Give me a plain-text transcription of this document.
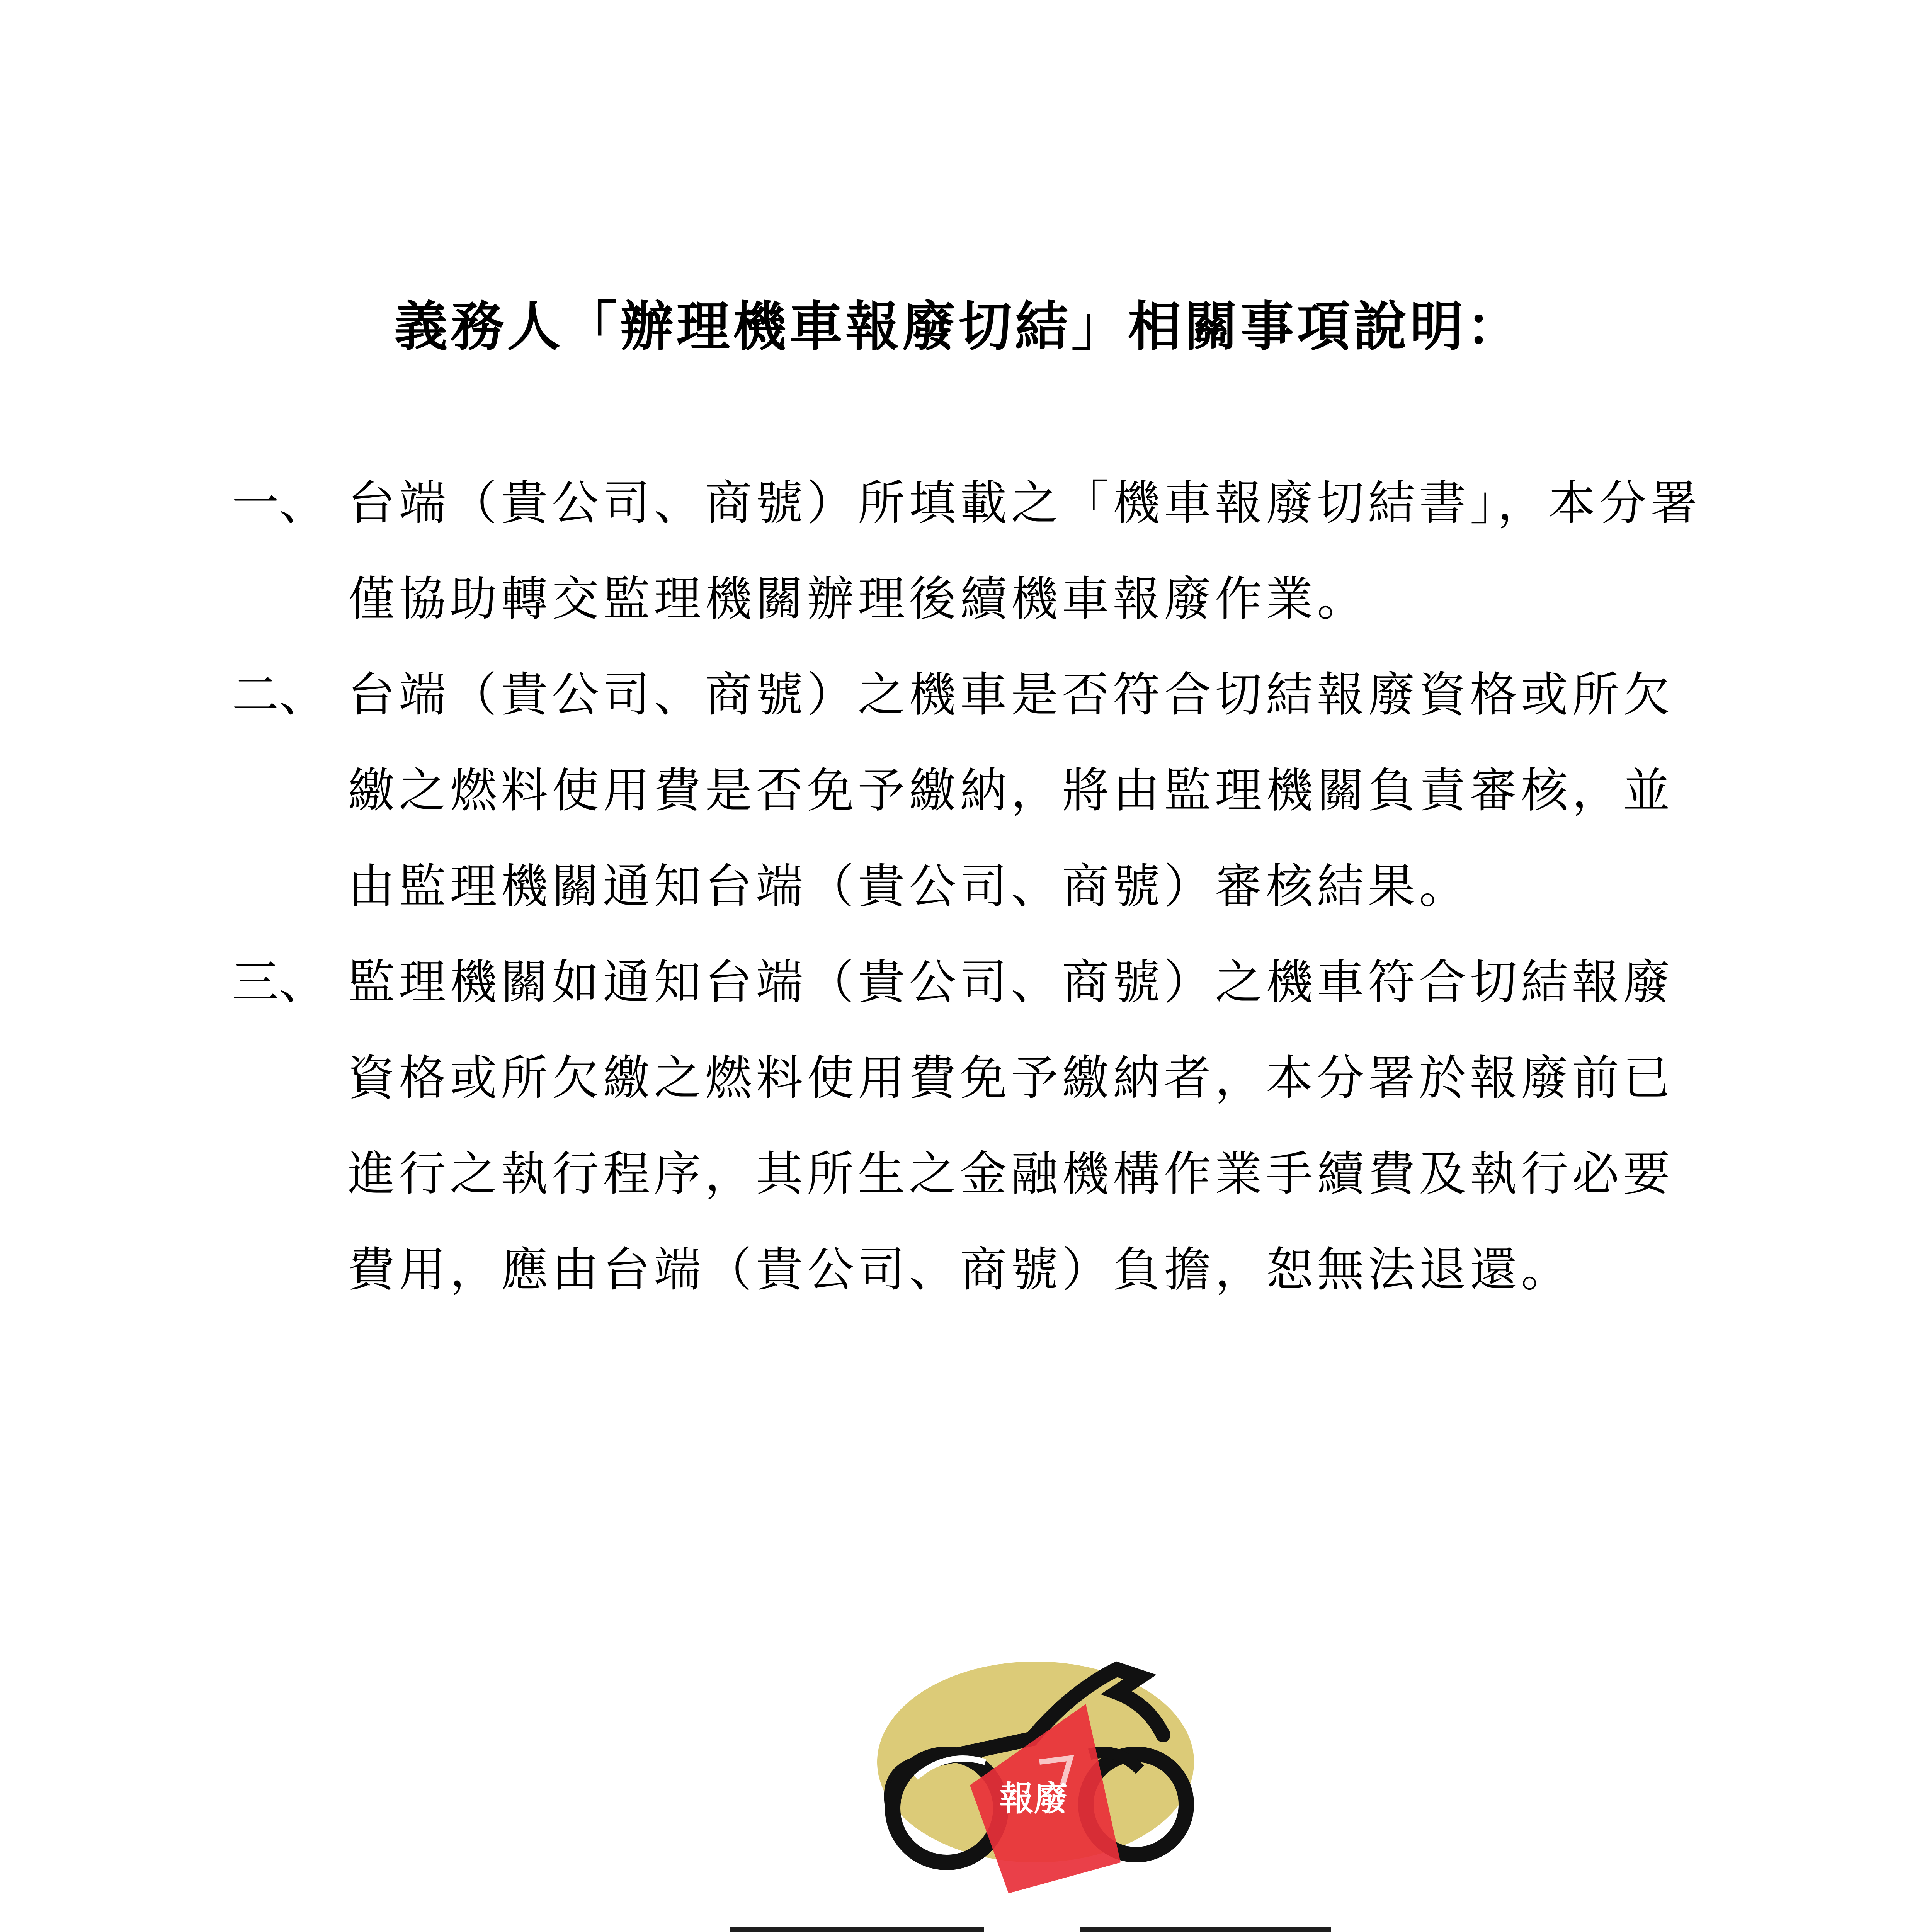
義務人「辦理機車報廢切結」相關事項說明：
一、 台端（貴公司、商號）所填載之「機車報廢切結書」，本分署
僅協助轉交監理機關辦理後續機車報廢作業。
二、 台端（貴公司、商號）之機車是否符合切結報廢資格或所欠
繳之燃料使用費是否免予繳納，將由監理機關負責審核，並
由監理機關通知台端（貴公司、商號）審核結果。
三、 監理機關如通知台端（貴公司、商號）之機車符合切結報廢
資格或所欠繳之燃料使用費免予繳納者，本分署於報廢前已
進行之執行程序，其所生之金融機構作業手續費及執行必要
費用，應由台端（貴公司、商號）負擔，恕無法退還。
報廢
